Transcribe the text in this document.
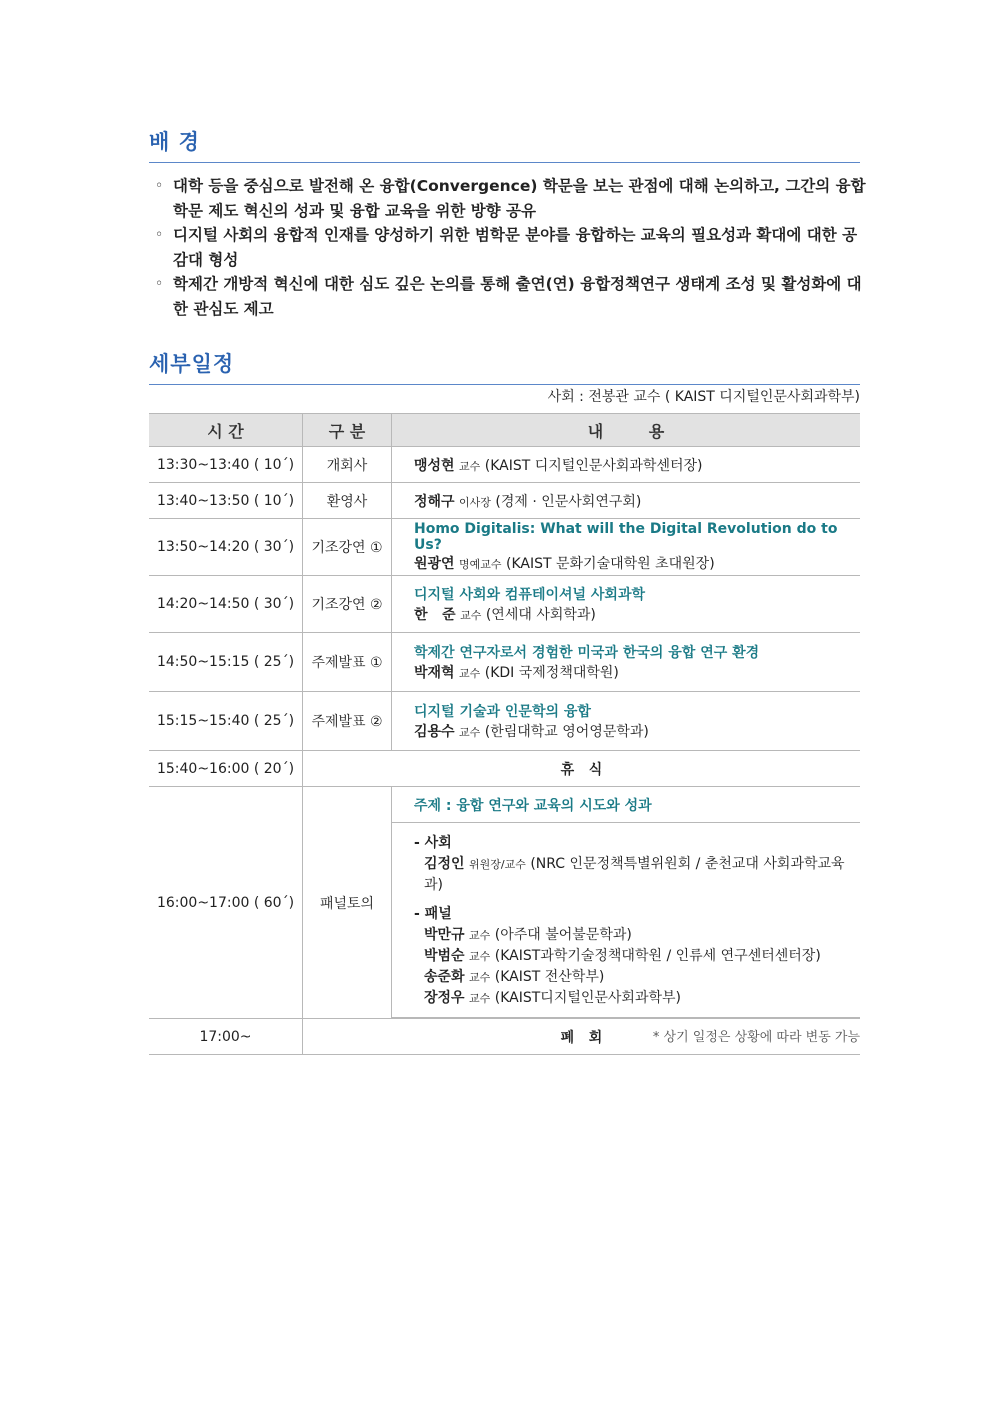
배 경
◦ 대학 등을 중심으로 발전해 온 융합(Convergence) 학문을 보는 관점에 대해 논의하고, 그간의 융합 학문 제도 혁신의 성과 및 융합 교육을 위한 방향 공유
◦ 디지털 사회의 융합적 인재를 양성하기 위한 범학문 분야를 융합하는 교육의 필요성과 확대에 대한 공감대 형성
◦ 학제간 개방적 혁신에 대한 심도 깊은 논의를 통해 출연(연) 융합정책연구 생태계 조성 및 활성화에 대한 관심도 제고
세부일정
사회 : 전봉관 교수 ( KAIST 디지털인문사회과학부)
시 간	구 분	내 용
13:30~13:40 ( 10´)	개회사	맹성현 교수 (KAIST 디지털인문사회과학센터장)
13:40~13:50 ( 10´)	환영사	정해구 이사장 (경제 · 인문사회연구회)
13:50~14:20 ( 30´)	기조강연 ①	
Homo Digitalis: What will the Digital Revolution do to Us?
원광연 명예교수 (KAIST 문화기술대학원 초대원장)

14:20~14:50 ( 30´)	기조강연 ②	
디지털 사회와 컴퓨테이셔널 사회과학
한   준 교수 (연세대 사회학과)

14:50~15:15 ( 25´)	주제발표 ①	
학제간 연구자로서 경험한 미국과 한국의 융합 연구 환경
박재혁 교수 (KDI 국제정책대학원)

15:15~15:40 ( 25´)	주제발표 ②	
디지털 기술과 인문학의 융합
김용수 교수 (한림대학교 영어영문학과)

15:40~16:00 ( 20´)	휴   식
16:00~17:00 ( 60´)	패널토의	
주제 : 융합 연구와 교육의 시도와 성과

- 사회
김정인 위원장/교수 (NRC 인문정책특별위원회 / 춘천교대 사회과학교육과)
- 패널
박만규 교수 (아주대 불어불문학과)
박범순 교수 (KAIST과학기술정책대학원 / 인류세 연구센터센터장)
송준화 교수 (KAIST 전산학부)
장정우 교수 (KAIST디지털인문사회과학부)

17:00~	폐   회	* 상기 일정은 상황에 따라 변동 가능
